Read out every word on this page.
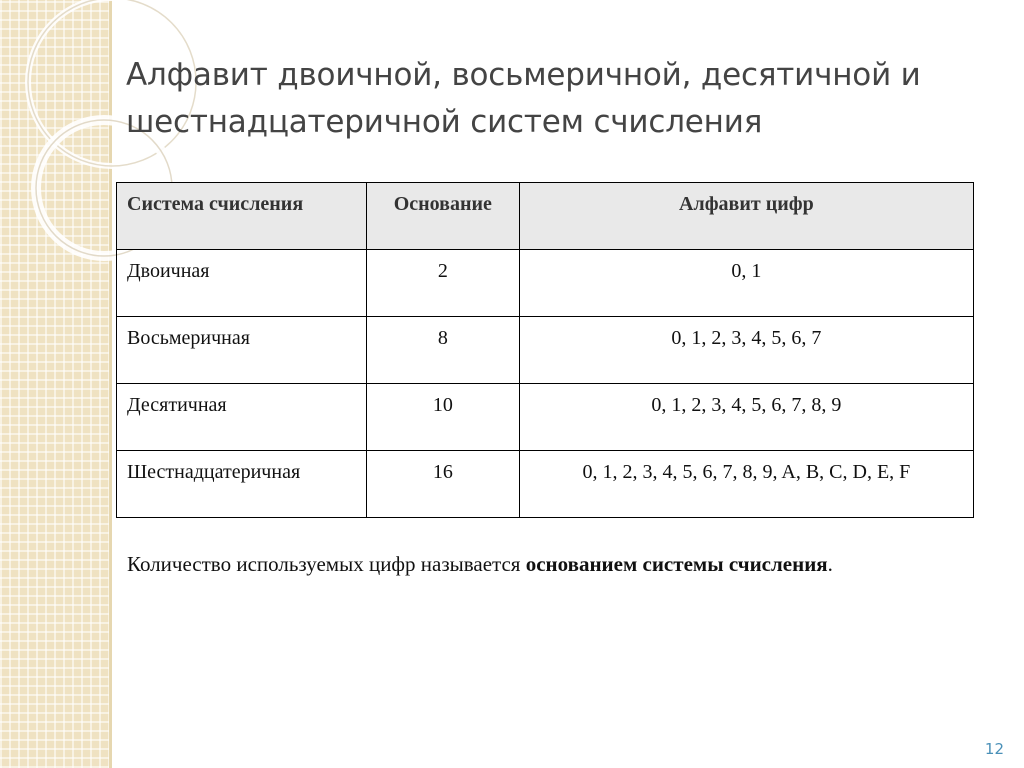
Алфавит двоичной, восьмеричной, десятичной и
шестнадцатеричной систем счисления
Система счисления	Основание	Алфавит цифр
Двоичная	2	0, 1
Восьмеричная	8	0, 1, 2, 3, 4, 5, 6, 7
Десятичная	10	0, 1, 2, 3, 4, 5, 6, 7, 8, 9
Шестнадцатеричная	16	0, 1, 2, 3, 4, 5, 6, 7, 8, 9, A, B, C, D, E, F

Количество используемых цифр называется основанием системы счисления.

12
